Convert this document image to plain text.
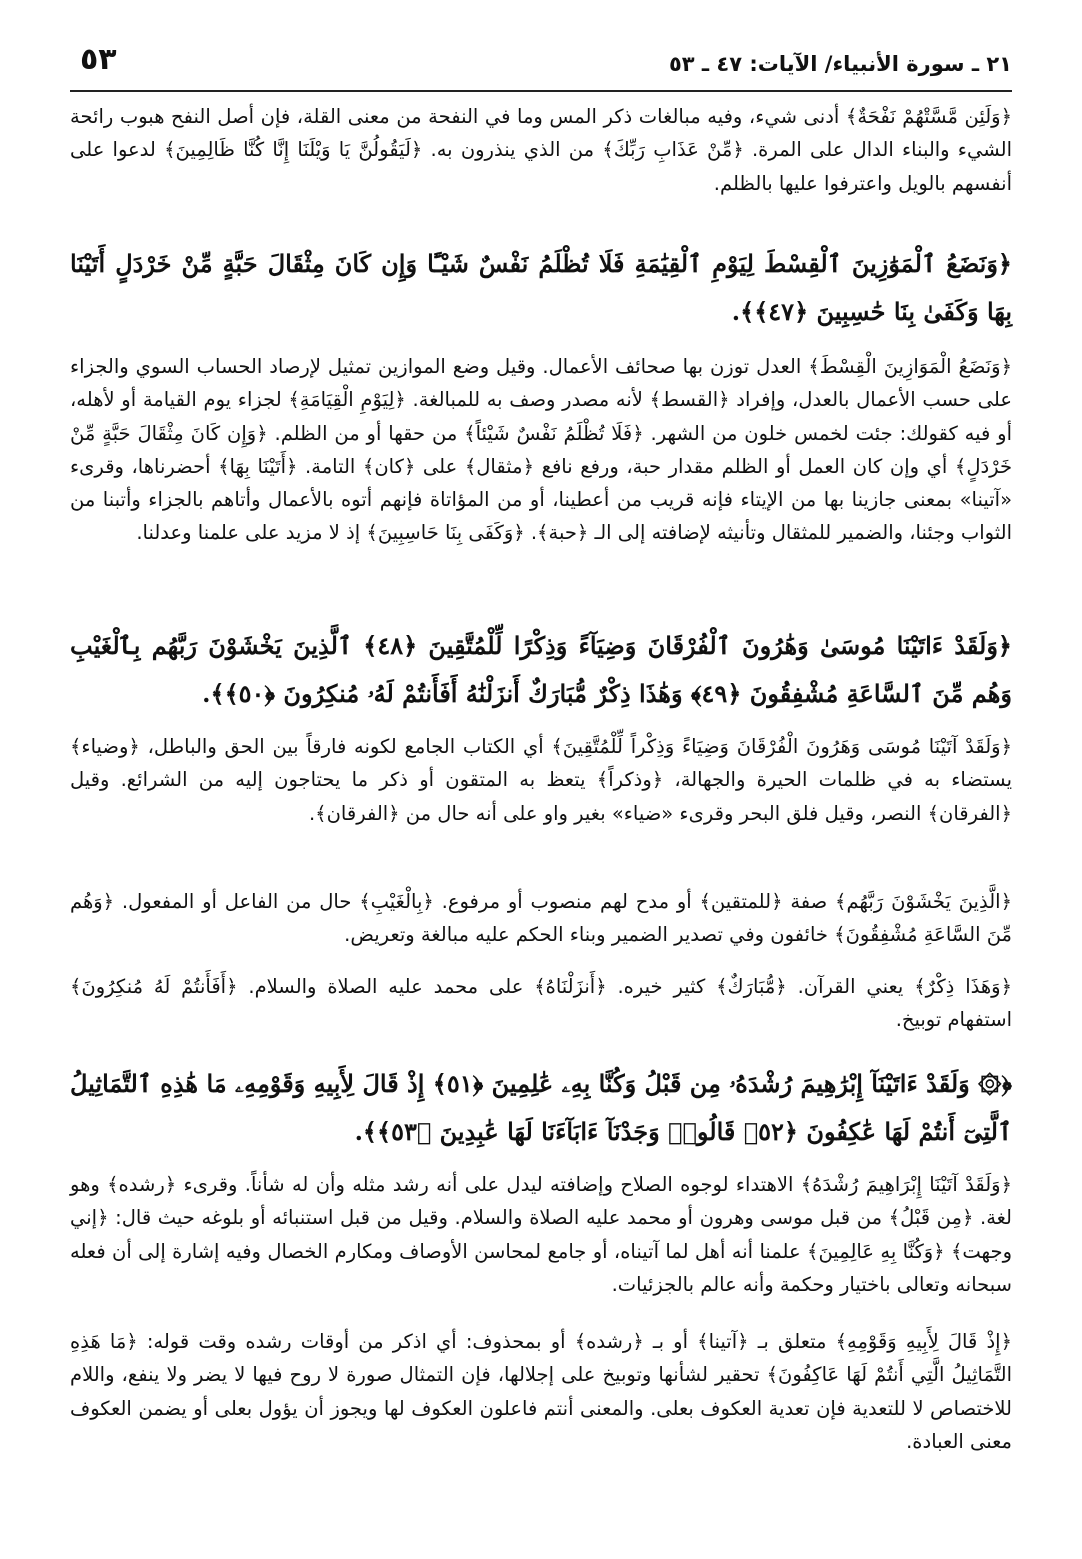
٥٣	٢١ ـ سورة الأنبياء/ الآيات: ٤٧ ـ ٥٣

﴿وَلَئِن مَّسَّتْهُمْ نَفْحَةٌ﴾ أدنى شيء، وفيه مبالغات ذكر المس وما في النفحة من معنى القلة، فإن أصل النفح هبوب رائحة الشيء والبناء الدال على المرة. ﴿مِّنْ عَذَابِ رَبِّكَ﴾ من الذي ينذرون به. ﴿لَيَقُولُنَّ يَا وَيْلَنَا إِنَّا كُنَّا ظَالِمِينَ﴾ لدعوا على أنفسهم بالويل واعترفوا عليها بالظلم.

﴿وَنَضَعُ ٱلْمَوَٰزِينَ ٱلْقِسْطَ لِيَوْمِ ٱلْقِيَٰمَةِ فَلَا تُظْلَمُ نَفْسٌ شَيْـًٔا وَإِن كَانَ مِثْقَالَ حَبَّةٍ مِّنْ خَرْدَلٍ أَتَيْنَا بِهَا وَكَفَىٰ بِنَا حَٰسِبِينَ ﴿٤٧﴾﴾.

﴿وَنَضَعُ الْمَوَازِينَ الْقِسْطَ﴾ العدل توزن بها صحائف الأعمال. وقيل وضع الموازين تمثيل لإرصاد الحساب السوي والجزاء على حسب الأعمال بالعدل، وإفراد ﴿القسط﴾ لأنه مصدر وصف به للمبالغة. ﴿لِيَوْمِ الْقِيَامَةِ﴾ لجزاء يوم القيامة أو لأهله، أو فيه كقولك: جئت لخمس خلون من الشهر. ﴿فَلَا تُظْلَمُ نَفْسٌ شَيْئاً﴾ من حقها أو من الظلم. ﴿وَإِن كَانَ مِثْقَالَ حَبَّةٍ مِّنْ خَرْدَلٍ﴾ أي وإن كان العمل أو الظلم مقدار حبة، ورفع نافع ﴿مثقال﴾ على ﴿كان﴾ التامة. ﴿أَتَيْنَا بِهَا﴾ أحضرناها، وقرىء «آتينا» بمعنى جازينا بها من الإيتاء فإنه قريب من أعطينا، أو من المؤاتاة فإنهم أتوه بالأعمال وأتاهم بالجزاء وأتبنا من الثواب وجئنا، والضمير للمثقال وتأنيثه لإضافته إلى الـ ﴿حبة﴾. ﴿وَكَفَى بِنَا حَاسِبِينَ﴾ إذ لا مزيد على علمنا وعدلنا.

﴿وَلَقَدْ ءَاتَيْنَا مُوسَىٰ وَهَٰرُونَ ٱلْفُرْقَانَ وَضِيَآءً وَذِكْرًا لِّلْمُتَّقِينَ ﴿٤٨﴾ ٱلَّذِينَ يَخْشَوْنَ رَبَّهُم بِٱلْغَيْبِ وَهُم مِّنَ ٱلسَّاعَةِ مُشْفِقُونَ ﴿٤٩﴾ وَهَٰذَا ذِكْرٌ مُّبَارَكٌ أَنزَلْنَٰهُ أَفَأَنتُمْ لَهُۥ مُنكِرُونَ ﴿٥٠﴾﴾.

﴿وَلَقَدْ آتَيْنَا مُوسَى وَهَرُونَ الْفُرْقَانَ وَضِيَاءً وَذِكْراً لِّلْمُتَّقِينَ﴾ أي الكتاب الجامع لكونه فارقاً بين الحق والباطل، ﴿وضياء﴾ يستضاء به في ظلمات الحيرة والجهالة، ﴿وذكراً﴾ يتعظ به المتقون أو ذكر ما يحتاجون إليه من الشرائع. وقيل ﴿الفرقان﴾ النصر، وقيل فلق البحر وقرىء «ضياء» بغير واو على أنه حال من ﴿الفرقان﴾.

﴿الَّذِينَ يَخْشَوْنَ رَبَّهُم﴾ صفة ﴿للمتقين﴾ أو مدح لهم منصوب أو مرفوع. ﴿بِالْغَيْبِ﴾ حال من الفاعل أو المفعول. ﴿وَهُم مِّنَ السَّاعَةِ مُشْفِقُونَ﴾ خائفون وفي تصدير الضمير وبناء الحكم عليه مبالغة وتعريض.

﴿وَهَذَا ذِكْرٌ﴾ يعني القرآن. ﴿مُّبَارَكٌ﴾ كثير خيره. ﴿أَنزَلْنَاهُ﴾ على محمد عليه الصلاة والسلام. ﴿أَفَأَنتُمْ لَهُ مُنكِرُونَ﴾ استفهام توبيخ.

﴿۞ وَلَقَدْ ءَاتَيْنَآ إِبْرَٰهِيمَ رُشْدَهُۥ مِن قَبْلُ وَكُنَّا بِهِۦ عَٰلِمِينَ ﴿٥١﴾ إِذْ قَالَ لِأَبِيهِ وَقَوْمِهِۦ مَا هَٰذِهِ ٱلتَّمَاثِيلُ ٱلَّتِىٓ أَنتُمْ لَهَا عَٰكِفُونَ ﴿٥٢﴾ قَالُوا۟ وَجَدْنَآ ءَابَآءَنَا لَهَا عَٰبِدِينَ ﴿٥٣﴾﴾.

﴿وَلَقَدْ آتَيْنَا إِبْرَاهِيمَ رُشْدَهُ﴾ الاهتداء لوجوه الصلاح وإضافته ليدل على أنه رشد مثله وأن له شأناً. وقرىء ﴿رشده﴾ وهو لغة. ﴿مِن قَبْلُ﴾ من قبل موسى وهرون أو محمد عليه الصلاة والسلام. وقيل من قبل استنبائه أو بلوغه حيث قال: ﴿إني وجهت﴾ ﴿وَكُنَّا بِهِ عَالِمِينَ﴾ علمنا أنه أهل لما آتيناه، أو جامع لمحاسن الأوصاف ومكارم الخصال وفيه إشارة إلى أن فعله سبحانه وتعالى باختيار وحكمة وأنه عالم بالجزئيات.

﴿إِذْ قَالَ لِأَبِيهِ وَقَوْمِهِ﴾ متعلق بـ ﴿آتينا﴾ أو بـ ﴿رشده﴾ أو بمحذوف: أي اذكر من أوقات رشده وقت قوله: ﴿مَا هَذِهِ التَّمَاثِيلُ الَّتِي أَنتُمْ لَهَا عَاكِفُونَ﴾ تحقير لشأنها وتوبيخ على إجلالها، فإن التمثال صورة لا روح فيها لا يضر ولا ينفع، واللام للاختصاص لا للتعدية فإن تعدية العكوف بعلى. والمعنى أنتم فاعلون العكوف لها ويجوز أن يؤول بعلى أو يضمن العكوف معنى العبادة.
